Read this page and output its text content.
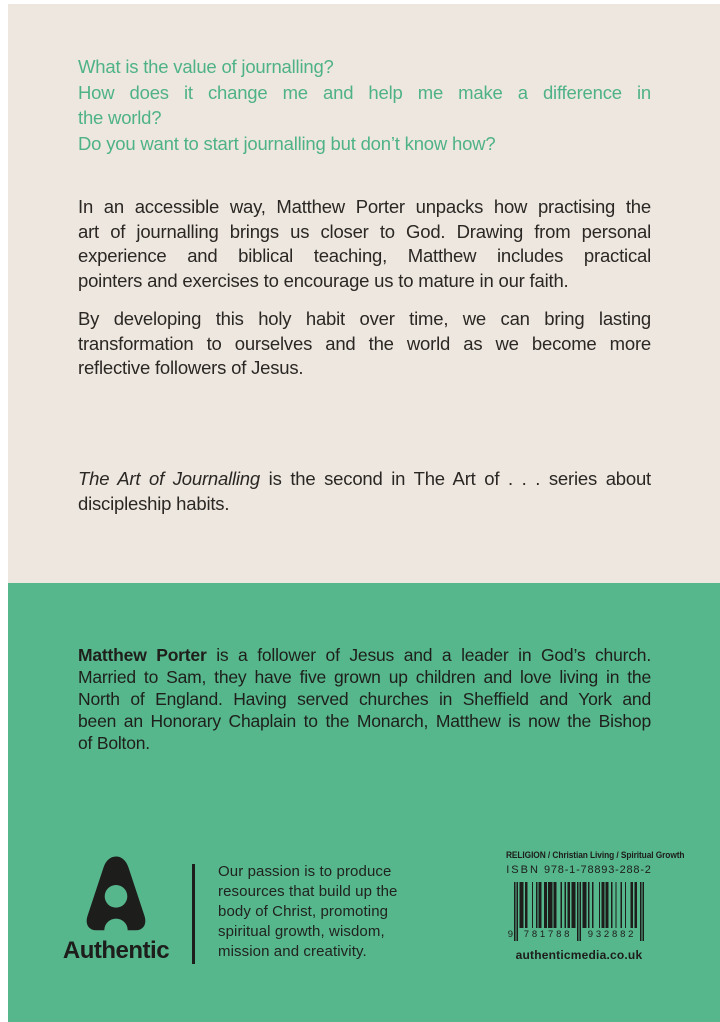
What is the value of journalling?
How does it change me and help me make a difference in
the world?
Do you want to start journalling but don’t know how?
In an accessible way, Matthew Porter unpacks how practising the
art of journalling brings us closer to God. Drawing from personal
experience and biblical teaching, Matthew includes practical
pointers and exercises to encourage us to mature in our faith.
By developing this holy habit over time, we can bring lasting
transformation to ourselves and the world as we become more
reflective followers of Jesus.
The Art of Journalling is the second in The Art of . . . series about
discipleship habits.
Matthew Porter is a follower of Jesus and a leader in God’s church.
Married to Sam, they have five grown up children and love living in the
North of England. Having served churches in Sheffield and York and
been an Honorary Chaplain to the Monarch, Matthew is now the Bishop
of Bolton.
Authentic
Our passion is to produce
resources that build up the
body of Christ, promoting
spiritual growth, wisdom,
mission and creativity.
RELIGION / Christian Living / Spiritual Growth
ISBN 978-1-78893-288-2
9	781788	932882
authenticmedia.co.uk
